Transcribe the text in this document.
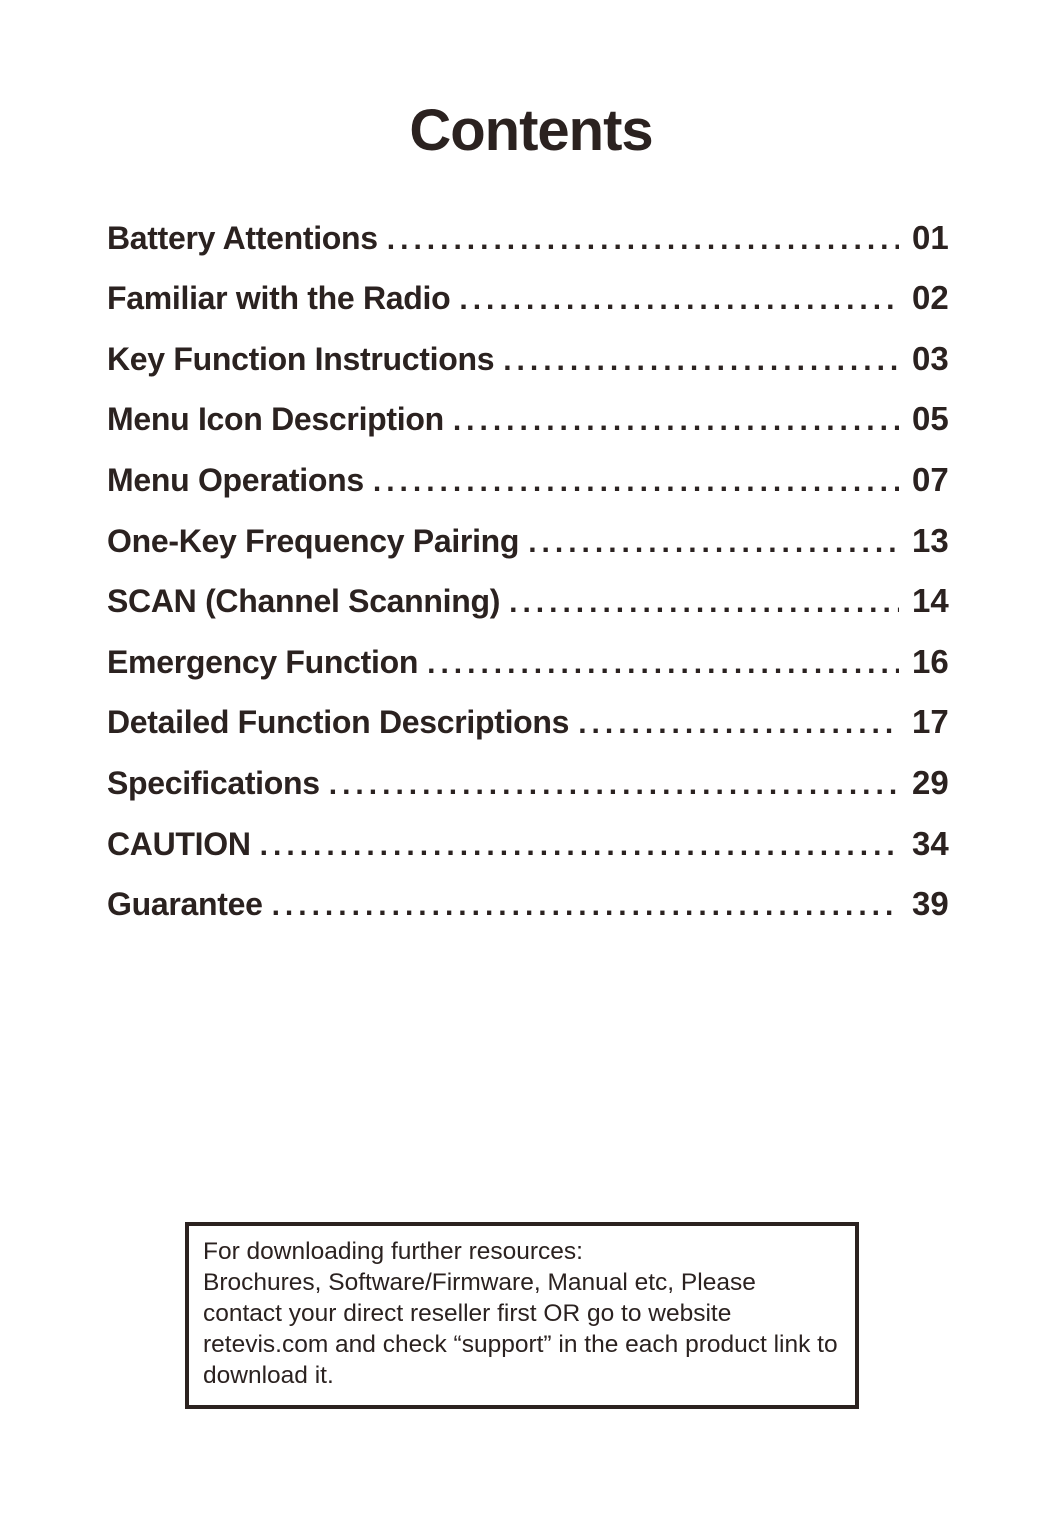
Contents
Battery Attentions .....	01
Familiar with the Radio .....	02
Key Function Instructions .....	03
Menu Icon Description .....	05
Menu Operations .....	07
One-Key Frequency Pairing .....	13
SCAN (Channel Scanning) .....	14
Emergency Function .....	16
Detailed Function Descriptions .....	17
Specifications .....	29
CAUTION .....	34
Guarantee .....	39

For downloading further resources:

Brochures, Software/Firmware, Manual etc, Please contact your direct reseller first OR go to website retevis.com and check “support” in the each product link to download it.
